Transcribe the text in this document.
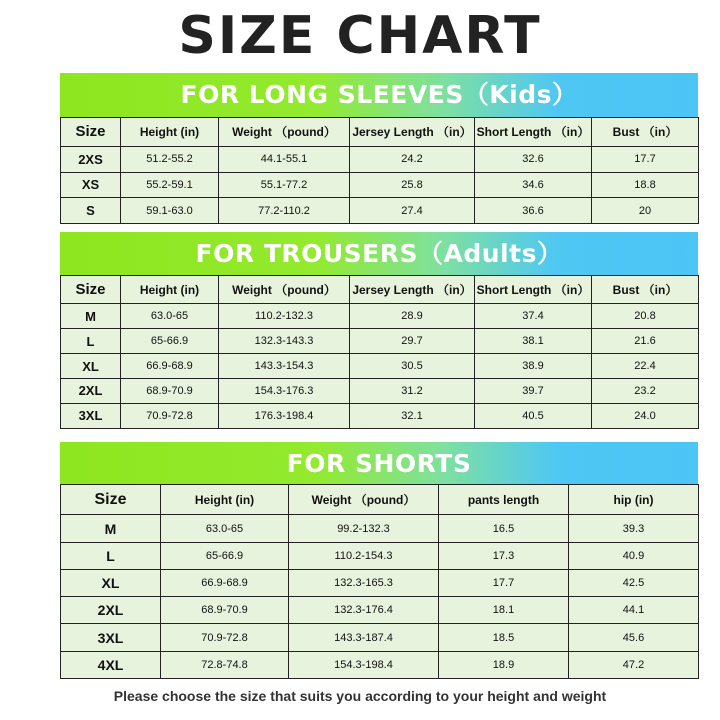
SIZE CHART
FOR LONG SLEEVES（Kids）
Size	Height (in)	Weight （pound）	Jersey Length （in）	Short Length （in）	Bust （in）
2XS	51.2-55.2	44.1-55.1	24.2	32.6	17.7
XS	55.2-59.1	55.1-77.2	25.8	34.6	18.8
S	59.1-63.0	77.2-110.2	27.4	36.6	20
FOR TROUSERS（Adults）
Size	Height (in)	Weight （pound）	Jersey Length （in）	Short Length （in）	Bust （in）
M	63.0-65	110.2-132.3	28.9	37.4	20.8
L	65-66.9	132.3-143.3	29.7	38.1	21.6
XL	66.9-68.9	143.3-154.3	30.5	38.9	22.4
2XL	68.9-70.9	154.3-176.3	31.2	39.7	23.2
3XL	70.9-72.8	176.3-198.4	32.1	40.5	24.0
FOR SHORTS
Size	Height (in)	Weight （pound）	pants length	hip (in)
M	63.0-65	99.2-132.3	16.5	39.3
L	65-66.9	110.2-154.3	17.3	40.9
XL	66.9-68.9	132.3-165.3	17.7	42.5
2XL	68.9-70.9	132.3-176.4	18.1	44.1
3XL	70.9-72.8	143.3-187.4	18.5	45.6
4XL	72.8-74.8	154.3-198.4	18.9	47.2
Please choose the size that suits you according to your height and weight
